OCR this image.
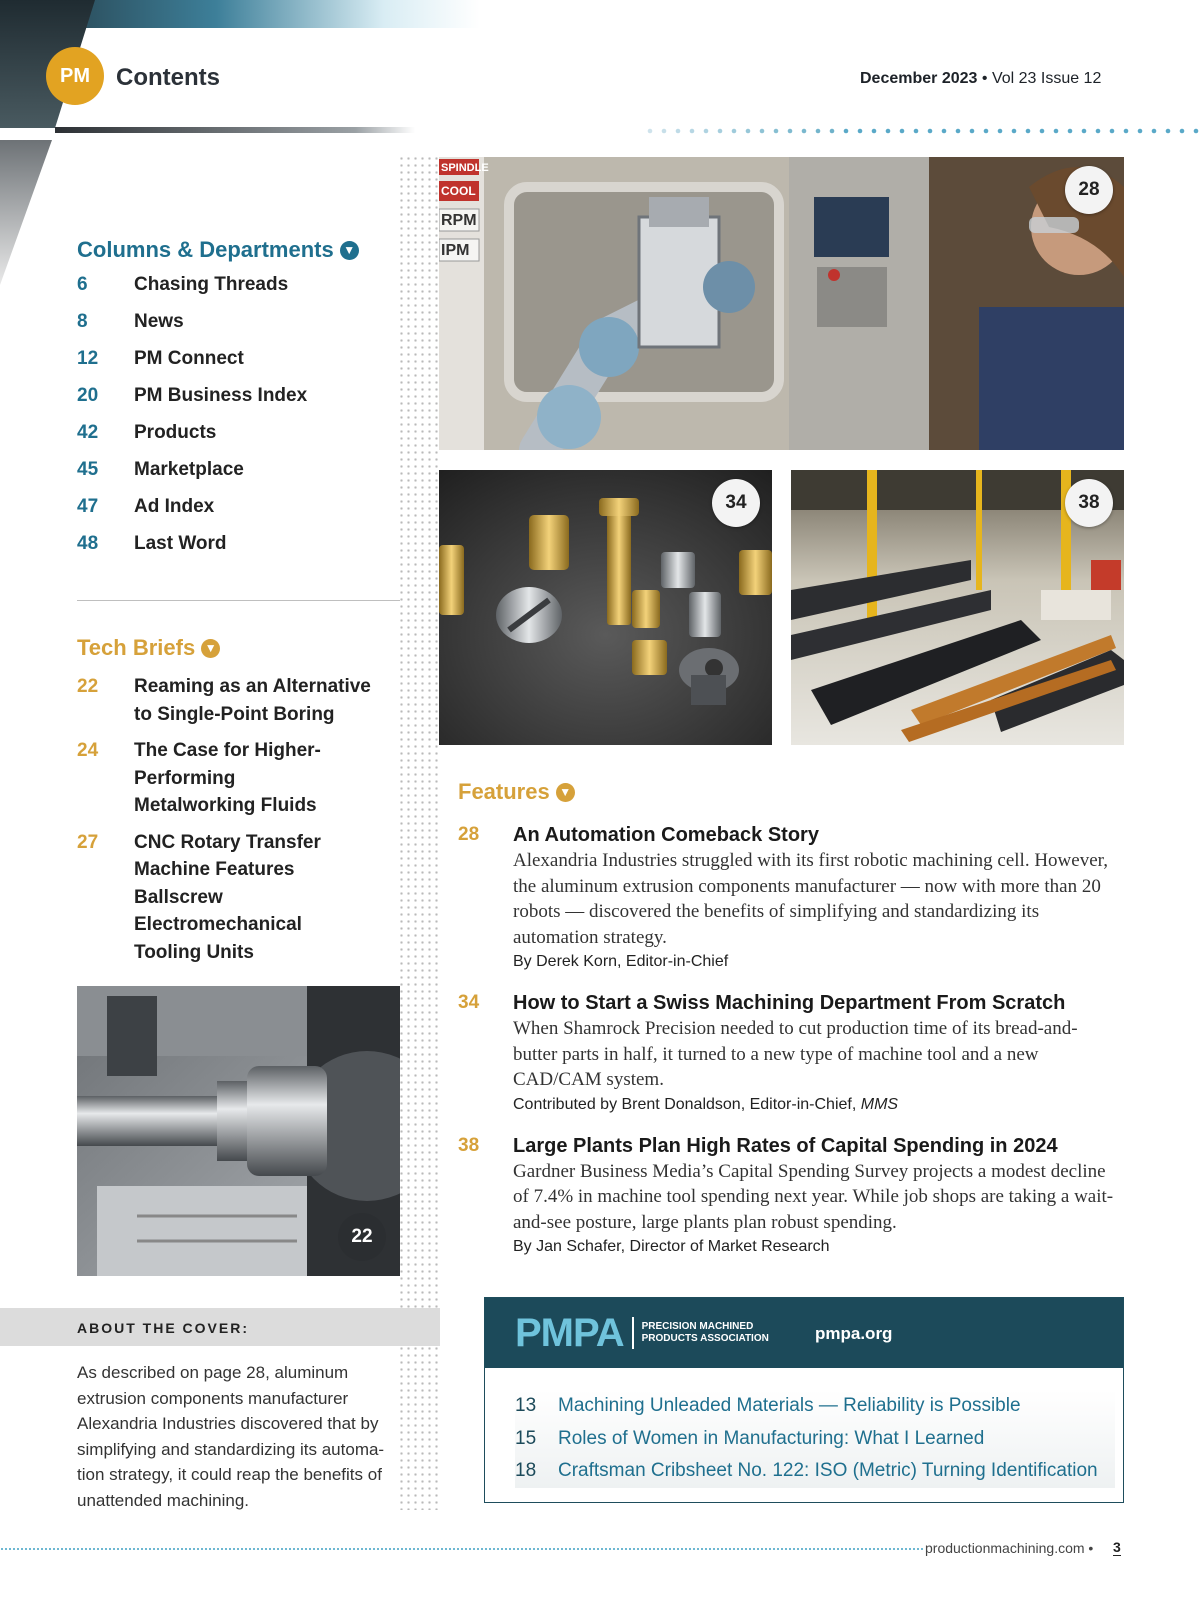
PM Contents	December 2023 • Vol 23 Issue 12
Columns & Departments ▼
6	Chasing Threads
8	News
12	PM Connect
20	PM Business Index
42	Products
45	Marketplace
47	Ad Index
48	Last Word
Tech Briefs ▼
22	Reaming as an Alternative to Single-Point Boring
24	The Case for Higher-Performing Metalworking Fluids
27	CNC Rotary Transfer Machine Features Ballscrew Electromechanical Tooling Units
SPINDLE
COOL
RPM
IPM
28
34	38
22
ABOUT THE COVER:
As described on page 28, aluminum extrusion components manufacturer Alexandria Industries discovered that by simplifying and standardizing its automa-tion strategy, it could reap the benefits of unattended machining.
Features ▼
28	An Automation Comeback Story
Alexandria Industries struggled with its first robotic machining cell. However, the aluminum extrusion components manufacturer — now with more than 20 robots — discovered the benefits of simplifying and standardizing its automation strategy.
By Derek Korn, Editor-in-Chief
34	How to Start a Swiss Machining Department From Scratch
When Shamrock Precision needed to cut production time of its bread-and-butter parts in half, it turned to a new type of machine tool and a new CAD/CAM system.
Contributed by Brent Donaldson, Editor-in-Chief, MMS
38	Large Plants Plan High Rates of Capital Spending in 2024
Gardner Business Media’s Capital Spending Survey projects a modest decline of 7.4% in machine tool spending next year. While job shops are taking a wait-and-see posture, large plants plan robust spending.
By Jan Schafer, Director of Market Research
PMPA PRECISION MACHINED
PRODUCTS ASSOCIATION	pmpa.org
13	Machining Unleaded Materials — Reliability is Possible
15	Roles of Women in Manufacturing: What I Learned
18	Craftsman Cribsheet No. 122: ISO (Metric) Turning Identification
productionmachining.com • 3
